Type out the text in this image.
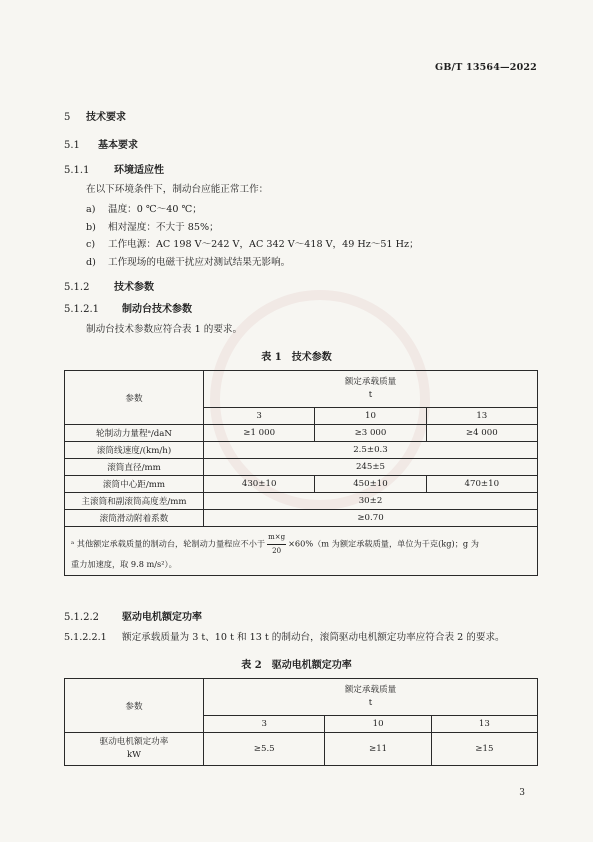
GB/T 13564—2022
5 技术要求
5.1 基本要求
5.1.1 环境适应性
在以下环境条件下，制动台应能正常工作：
a) 温度：0 ℃～40 ℃；
b) 相对湿度：不大于 85%；
c) 工作电源：AC 198 V～242 V，AC 342 V～418 V，49 Hz～51 Hz；
d) 工作现场的电磁干扰应对测试结果无影响。
5.1.2 技术参数
5.1.2.1 制动台技术参数
制动台技术参数应符合表 1 的要求。
表 1　技术参数
参数	额定承载质量
t		
	3	10	13
轮制动力量程ᵃ/daN	≥1 000	≥3 000	≥4 000
滚筒线速度/(km/h)	2.5±0.3		
滚筒直径/mm	245±5		
滚筒中心距/mm	430±10	450±10	470±10
主滚筒和副滚筒高度差/mm	30±2		
滚筒滑动附着系数	≥0.70		
ᵃ 其他额定承载质量的制动台，轮制动力量程应不小于 $\frac{m\times g}{20} \times 60\%(m$ 为额定承载质量，单位为千克(kg)；g 为
重力加速度，取 9.8 m/s²）。			
5.1.2.2 驱动电机额定功率
5.1.2.2.1 额定承载质量为 3 t、10 t 和 13 t 的制动台，滚筒驱动电机额定功率应符合表 2 的要求。
表 2　驱动电机额定功率
参数	额定承载质量
t		
	3	10	13
驱动电机额定功率
kW	≥5.5	≥11	≥15
3
